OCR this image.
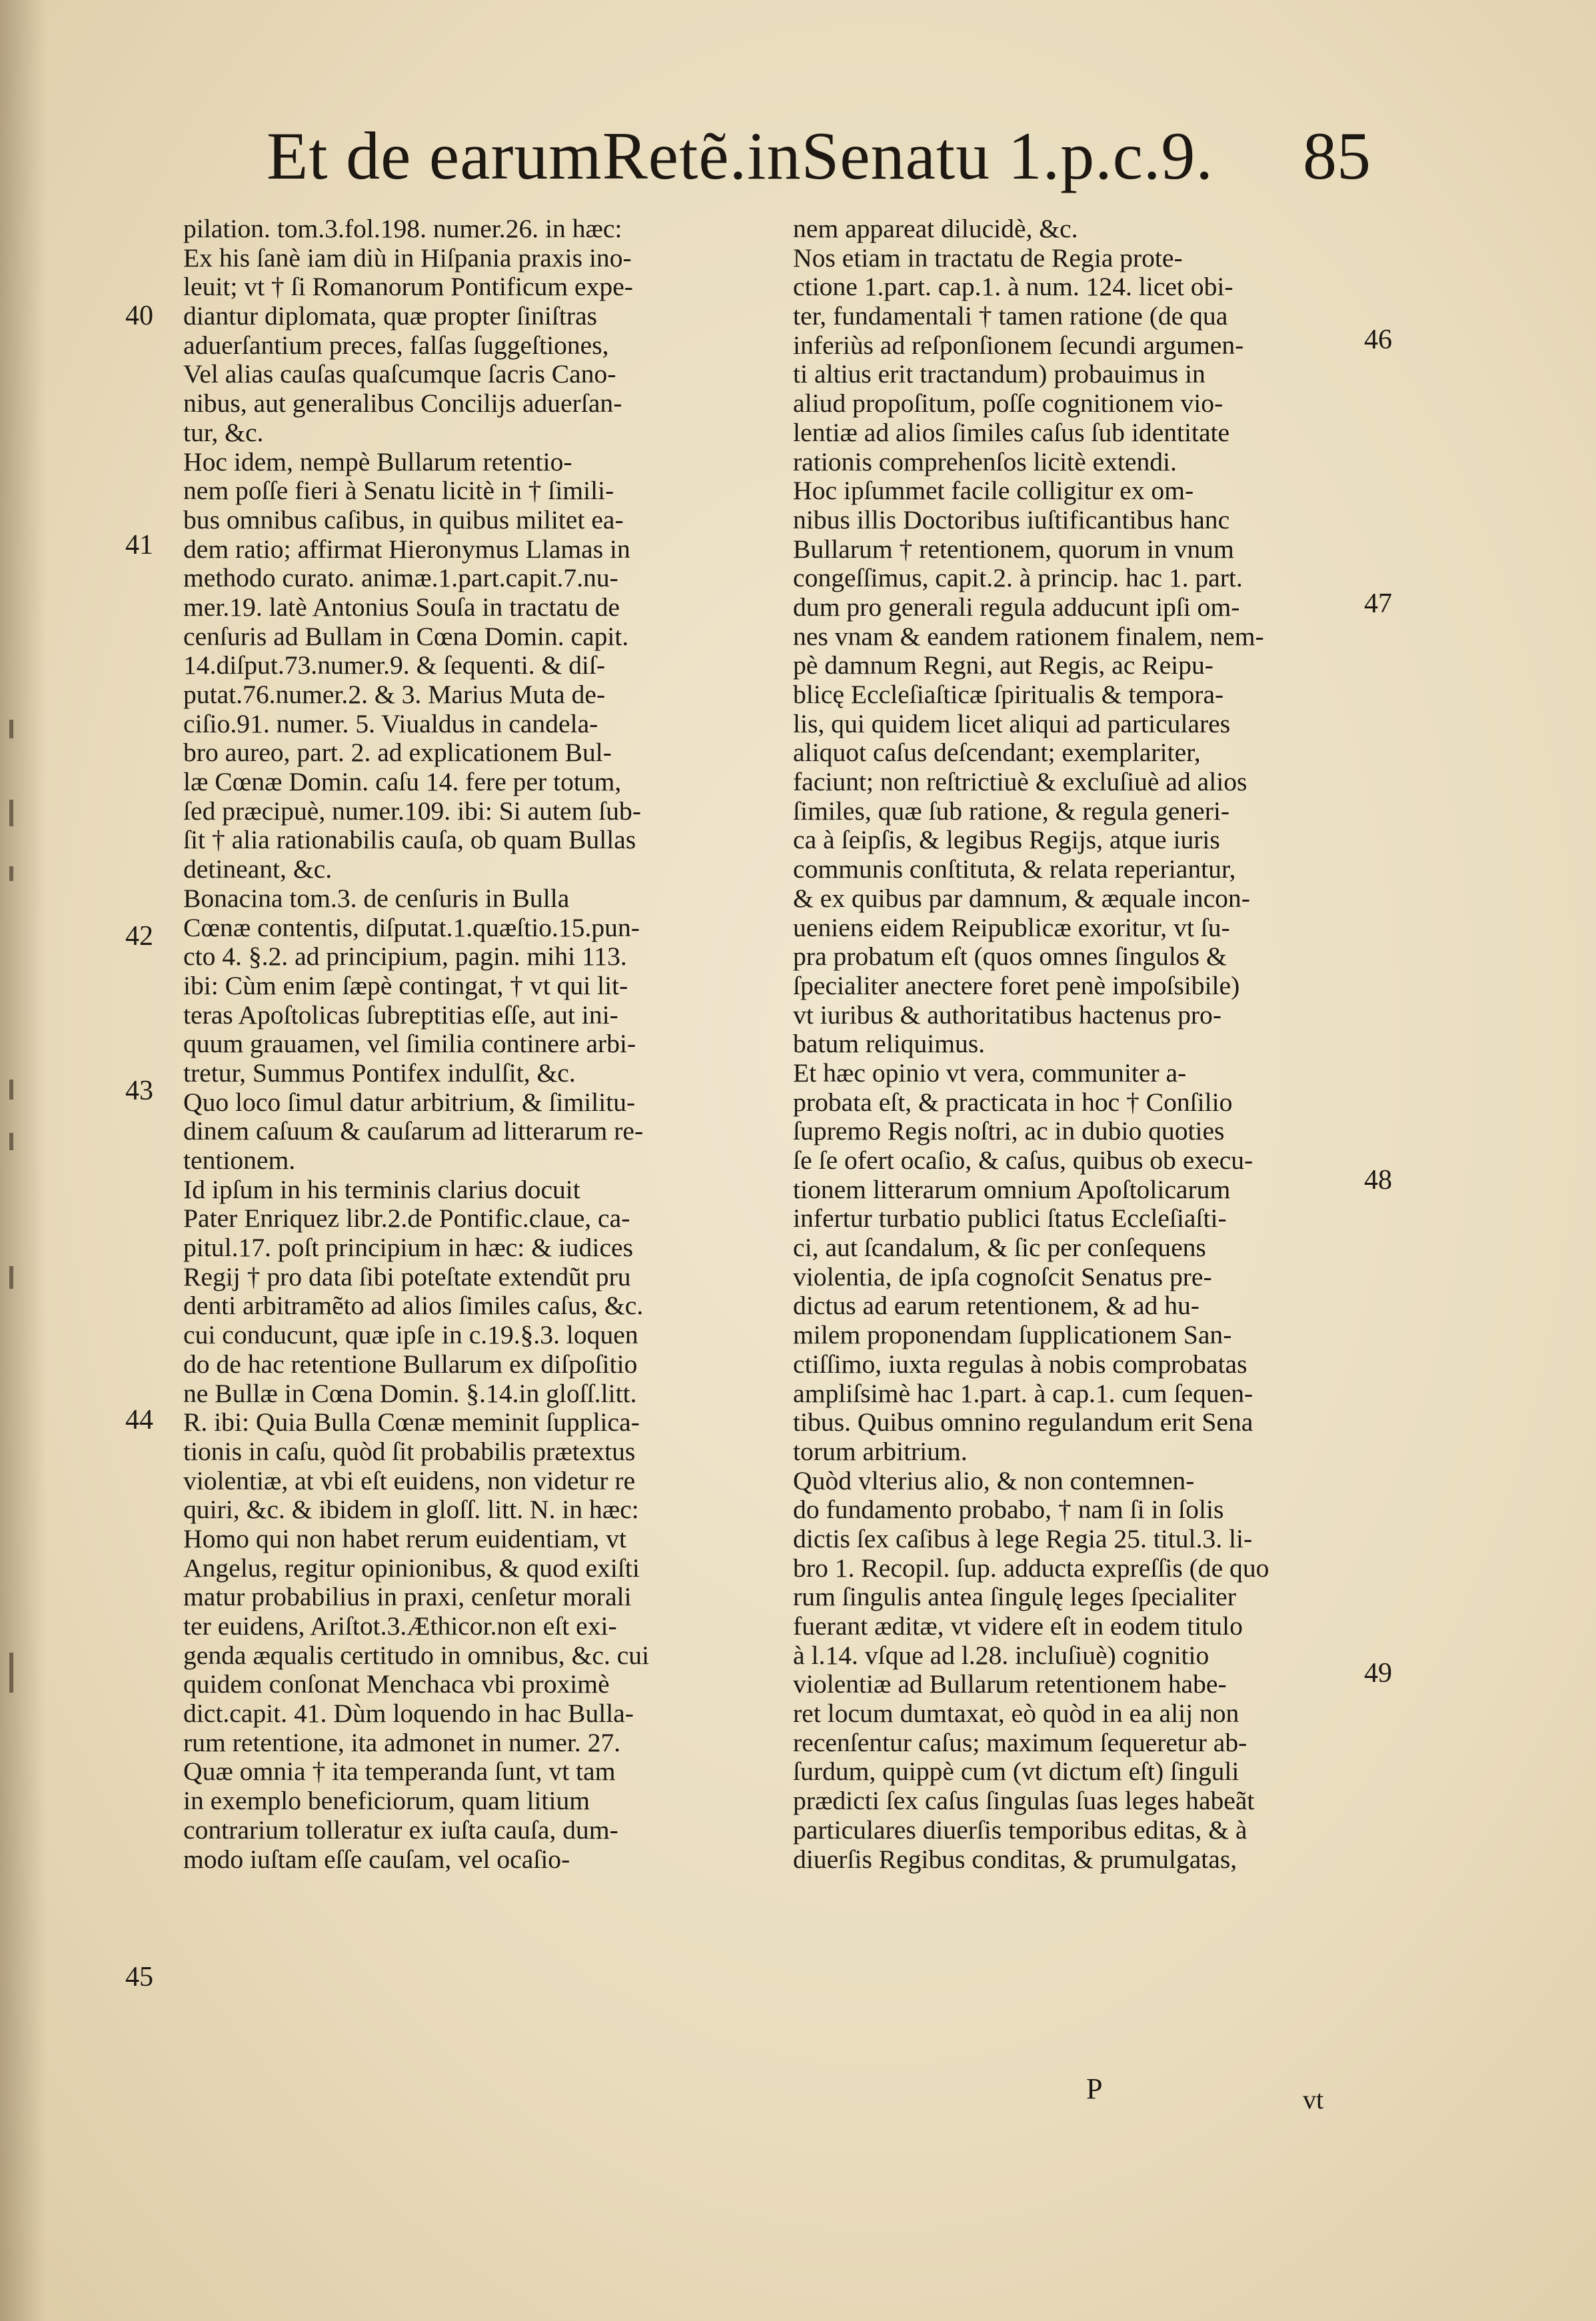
Et de earumRetẽ.inSenatu 1.p.c.9.	85
pilation. tom.3.fol.198. numer.26. in hæc:
Ex his ſanè iam diù in Hiſpania praxis ino-
leuit; vt † ſi Romanorum Pontificum expe-
diantur diplomata, quæ propter ſiniſtras
aduerſantium preces, falſas ſuggeſtiones,
Vel alias cauſas quaſcumque ſacris Cano-
nibus, aut generalibus Concilijs aduerſan-
tur, &c.
Hoc idem, nempè Bullarum retentio-
nem poſſe fieri à Senatu licitè in † ſimili-
bus omnibus caſibus, in quibus militet ea-
dem ratio; affirmat Hieronymus Llamas in
methodo curato. animæ.1.part.capit.7.nu-
mer.19. latè Antonius Souſa in tractatu de
cenſuris ad Bullam in Cœna Domin. capit.
14.diſput.73.numer.9. & ſequenti. & diſ-
putat.76.numer.2. & 3. Marius Muta de-
ciſio.91. numer. 5. Viualdus in candela-
bro aureo, part. 2. ad explicationem Bul-
læ Cœnæ Domin. caſu 14. fere per totum,
ſed præcipuè, numer.109. ibi: Si autem ſub-
ſit † alia rationabilis cauſa, ob quam Bullas
detineant, &c.
Bonacina tom.3. de cenſuris in Bulla
Cœnæ contentis, diſputat.1.quæſtio.15.pun-
cto 4. §.2. ad principium, pagin. mihi 113.
ibi: Cùm enim ſæpè contingat, † vt qui lit-
teras Apoſtolicas ſubreptitias eſſe, aut ini-
quum grauamen, vel ſimilia continere arbi-
tretur, Summus Pontifex indulſit, &c.
Quo loco ſimul datur arbitrium, & ſimilitu-
dinem caſuum & cauſarum ad litterarum re-
tentionem.
Id ipſum in his terminis clarius docuit
Pater Enriquez libr.2.de Pontific.claue, ca-
pitul.17. poſt principium in hæc: & iudices
Regij † pro data ſibi poteſtate extendũt pru
denti arbitramẽto ad alios ſimiles caſus, &c.
cui conducunt, quæ ipſe in c.19.§.3. loquen
do de hac retentione Bullarum ex diſpoſitio
ne Bullæ in Cœna Domin. §.14.in gloſſ.litt.
R. ibi: Quia Bulla Cœnæ meminit ſupplica-
tionis in caſu, quòd ſit probabilis prætextus
violentiæ, at vbi eſt euidens, non videtur re
quiri, &c. & ibidem in gloſſ. litt. N. in hæc:
Homo qui non habet rerum euidentiam, vt
Angelus, regitur opinionibus, & quod exiſti
matur probabilius in praxi, cenſetur morali
ter euidens, Ariſtot.3.Æthicor.non eſt exi-
genda æqualis certitudo in omnibus, &c. cui
quidem conſonat Menchaca vbi proximè
dict.capit. 41. Dùm loquendo in hac Bulla-
rum retentione, ita admonet in numer. 27.
Quæ omnia † ita temperanda ſunt, vt tam
in exemplo beneficiorum, quam litium
contrarium tolleratur ex iuſta cauſa, dum-
modo iuſtam eſſe cauſam, vel ocaſio-
nem appareat dilucidè, &c.
Nos etiam in tractatu de Regia prote-
ctione 1.part. cap.1. à num. 124. licet obi-
ter, fundamentali † tamen ratione (de qua
inferiùs ad reſponſionem ſecundi argumen-
ti altius erit tractandum) probauimus in
aliud propoſitum, poſſe cognitionem vio-
lentiæ ad alios ſimiles caſus ſub identitate
rationis comprehenſos licitè extendi.
Hoc ipſummet facile colligitur ex om-
nibus illis Doctoribus iuſtificantibus hanc
Bullarum † retentionem, quorum in vnum
congeſſimus, capit.2. à princip. hac 1. part.
dum pro generali regula adducunt ipſi om-
nes vnam & eandem rationem finalem, nem-
pè damnum Regni, aut Regis, ac Reipu-
blicę Eccleſiaſticæ ſpiritualis & tempora-
lis, qui quidem licet aliqui ad particulares
aliquot caſus deſcendant; exemplariter,
faciunt; non reſtrictiuè & excluſiuè ad alios
ſimiles, quæ ſub ratione, & regula generi-
ca à ſeipſis, & legibus Regijs, atque iuris
communis conſtituta, & relata reperiantur,
& ex quibus par damnum, & æquale incon-
ueniens eidem Reipublicæ exoritur, vt ſu-
pra probatum eſt (quos omnes ſingulos &
ſpecialiter anectere foret penè impoſsibile)
vt iuribus & authoritatibus hactenus pro-
batum reliquimus.
Et hæc opinio vt vera, communiter a-
probata eſt, & practicata in hoc † Conſilio
ſupremo Regis noſtri, ac in dubio quoties
ſe ſe ofert ocaſio, & caſus, quibus ob execu-
tionem litterarum omnium Apoſtolicarum
infertur turbatio publici ſtatus Eccleſiaſti-
ci, aut ſcandalum, & ſic per conſequens
violentia, de ipſa cognoſcit Senatus pre-
dictus ad earum retentionem, & ad hu-
milem proponendam ſupplicationem San-
ctiſſimo, iuxta regulas à nobis comprobatas
ampliſsimè hac 1.part. à cap.1. cum ſequen-
tibus. Quibus omnino regulandum erit Sena
torum arbitrium.
Quòd vlterius alio, & non contemnen-
do fundamento probabo, † nam ſi in ſolis
dictis ſex caſibus à lege Regia 25. titul.3. li-
bro 1. Recopil. ſup. adducta expreſſis (de quo
rum ſingulis antea ſingulę leges ſpecialiter
fuerant æditæ, vt videre eſt in eodem titulo
à l.14. vſque ad l.28. incluſiuè) cognitio
violentiæ ad Bullarum retentionem habe-
ret locum dumtaxat, eò quòd in ea alij non
recenſentur caſus; maximum ſequeretur ab-
ſurdum, quippè cum (vt dictum eſt) ſinguli
prædicti ſex caſus ſingulas ſuas leges habeãt
particulares diuerſis temporibus editas, & à
diuerſis Regibus conditas, & prumulgatas,
40
41
42
43
44
45
46
47
48
49
P	vt
